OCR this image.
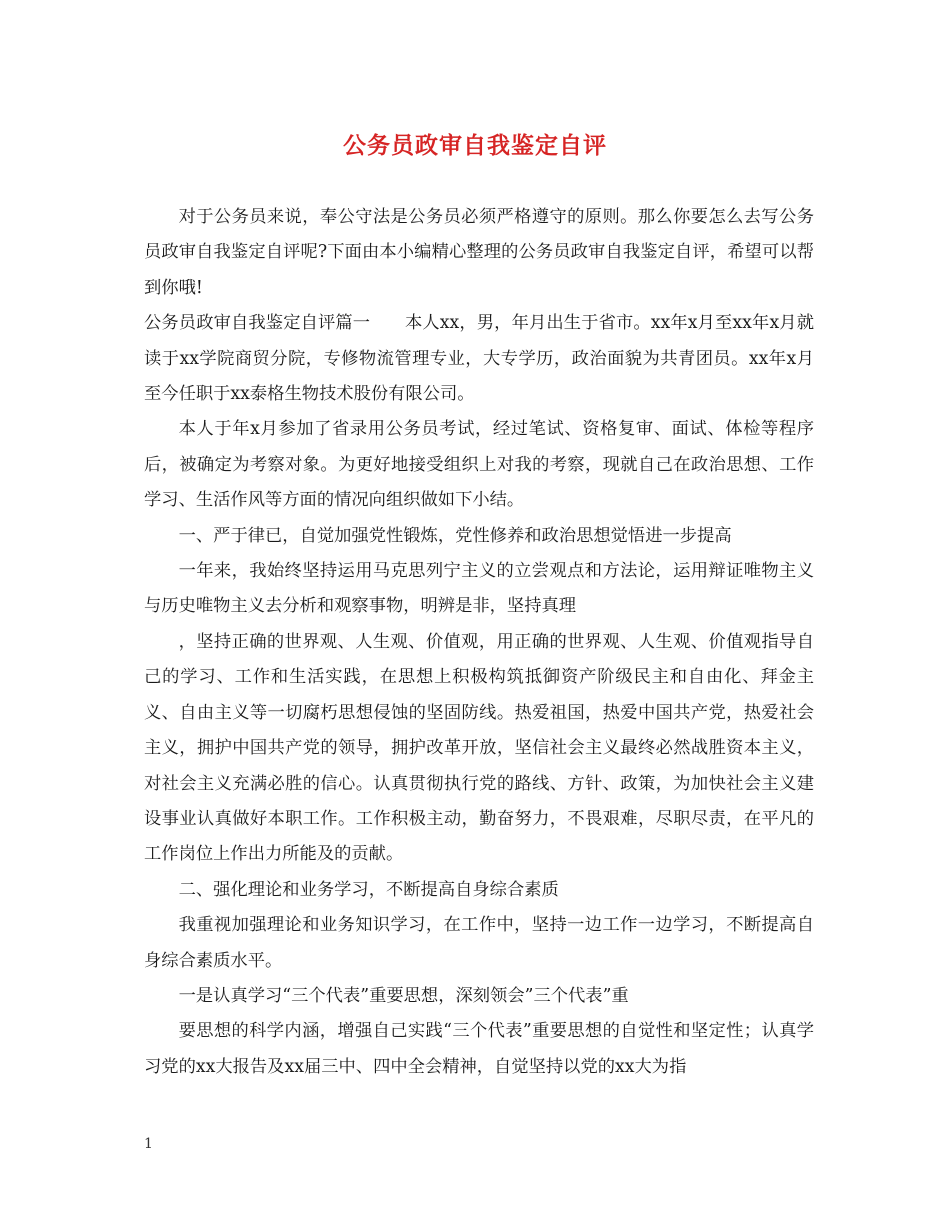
公务员政审自我鉴定自评

对于公务员来说，奉公守法是公务员必须严格遵守的原则。那么你要怎么去写公务员政审自我鉴定自评呢?下面由本小编精心整理的公务员政审自我鉴定自评，希望可以帮到你哦!

公务员政审自我鉴定自评篇一　　本人xx，男，年月出生于省市。xx年x月至xx年x月就读于xx学院商贸分院，专修物流管理专业，大专学历，政治面貌为共青团员。xx年x月至今任职于xx泰格生物技术股份有限公司。

本人于年x月参加了省录用公务员考试，经过笔试、资格复审、面试、体检等程序后，被确定为考察对象。为更好地接受组织上对我的考察，现就自己在政治思想、工作学习、生活作风等方面的情况向组织做如下小结。

一、严于律已，自觉加强党性锻炼，党性修养和政治思想觉悟进一步提高

一年来，我始终坚持运用马克思列宁主义的立尝观点和方法论，运用辩证唯物主义与历史唯物主义去分析和观察事物，明辨是非，坚持真理

，坚持正确的世界观、人生观、价值观，用正确的世界观、人生观、价值观指导自己的学习、工作和生活实践，在思想上积极构筑抵御资产阶级民主和自由化、拜金主义、自由主义等一切腐朽思想侵蚀的坚固防线。热爱祖国，热爱中国共产党，热爱社会主义，拥护中国共产党的领导，拥护改革开放，坚信社会主义最终必然战胜资本主义，对社会主义充满必胜的信心。认真贯彻执行党的路线、方针、政策，为加快社会主义建设事业认真做好本职工作。工作积极主动，勤奋努力，不畏艰难，尽职尽责，在平凡的工作岗位上作出力所能及的贡献。

二、强化理论和业务学习，不断提高自身综合素质

我重视加强理论和业务知识学习，在工作中，坚持一边工作一边学习，不断提高自身综合素质水平。

一是认真学习“三个代表”重要思想，深刻领会”三个代表”重

要思想的科学内涵，增强自己实践“三个代表”重要思想的自觉性和坚定性；认真学习党的xx大报告及xx届三中、四中全会精神，自觉坚持以党的xx大为指

1
